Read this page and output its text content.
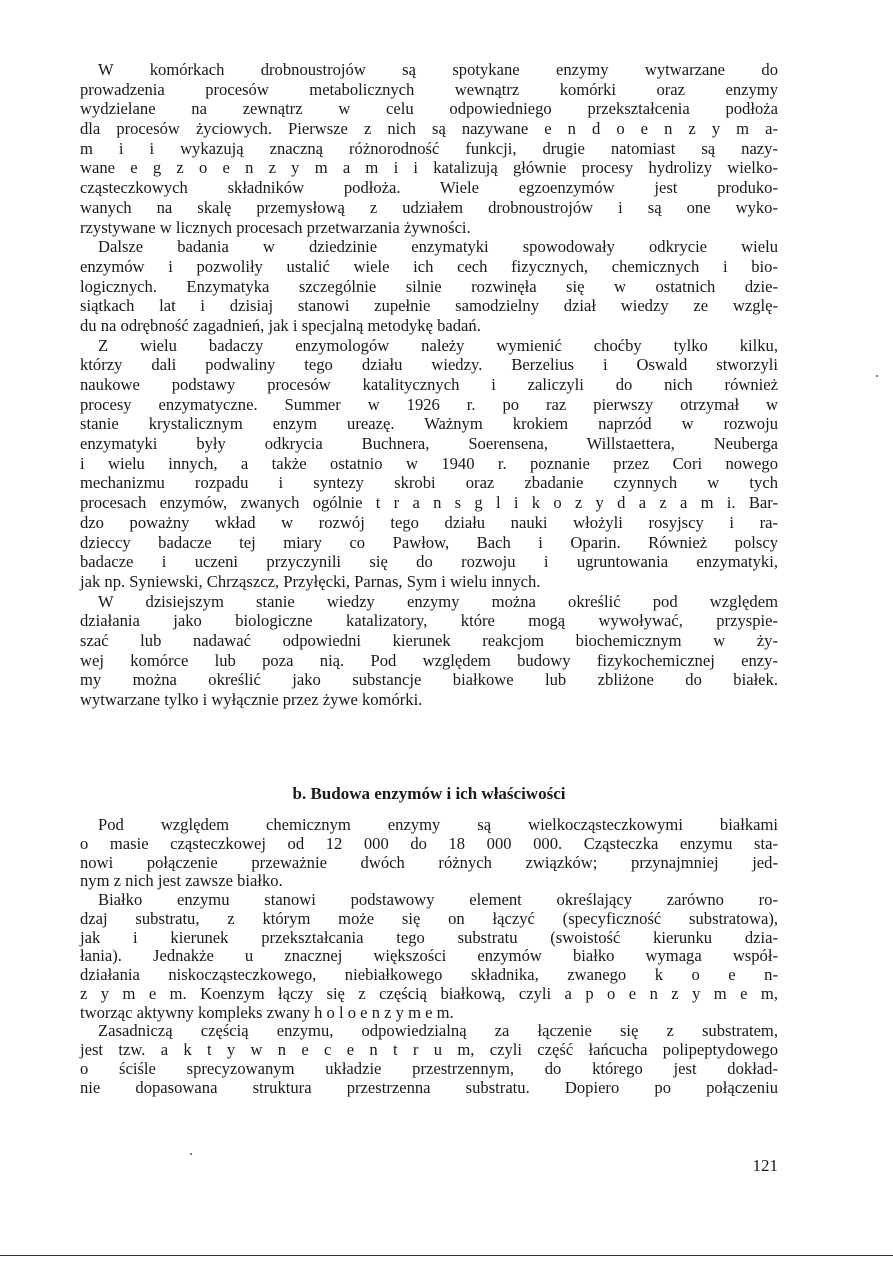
W komórkach drobnoustrojów są spotykane enzymy wytwarzane do
prowadzenia procesów metabolicznych wewnątrz komórki oraz enzymy
wydzielane na zewnątrz w celu odpowiedniego przekształcenia podłoża
dla procesów życiowych. Pierwsze z nich są nazywane e n d o e n z y m a-
m i i wykazują znaczną różnorodność funkcji, drugie natomiast są nazy-
wane e g z o e n z y m a m i i katalizują głównie procesy hydrolizy wielko-
cząsteczkowych składników podłoża. Wiele egzoenzymów jest produko-
wanych na skalę przemysłową z udziałem drobnoustrojów i są one wyko-
rzystywane w licznych procesach przetwarzania żywności.
Dalsze badania w dziedzinie enzymatyki spowodowały odkrycie wielu
enzymów i pozwoliły ustalić wiele ich cech fizycznych, chemicznych i bio-
logicznych. Enzymatyka szczególnie silnie rozwinęła się w ostatnich dzie-
siątkach lat i dzisiaj stanowi zupełnie samodzielny dział wiedzy ze wzglę-
du na odrębność zagadnień, jak i specjalną metodykę badań.
Z wielu badaczy enzymologów należy wymienić choćby tylko kilku,
którzy dali podwaliny tego działu wiedzy. Berzelius i Oswald stworzyli
naukowe podstawy procesów katalitycznych i zaliczyli do nich również
procesy enzymatyczne. Summer w 1926 r. po raz pierwszy otrzymał w
stanie krystalicznym enzym ureazę. Ważnym krokiem naprzód w rozwoju
enzymatyki były odkrycia Buchnera, Soerensena, Willstaettera, Neuberga
i wielu innych, a także ostatnio w 1940 r. poznanie przez Cori nowego
mechanizmu rozpadu i syntezy skrobi oraz zbadanie czynnych w tych
procesach enzymów, zwanych ogólnie t r a n s g l i k o z y d a z a m i. Bar-
dzo poważny wkład w rozwój tego działu nauki włożyli rosyjscy i ra-
dzieccy badacze tej miary co Pawłow, Bach i Oparin. Również polscy
badacze i uczeni przyczynili się do rozwoju i ugruntowania enzymatyki,
jak np. Syniewski, Chrząszcz, Przyłęcki, Parnas, Sym i wielu innych.
W dzisiejszym stanie wiedzy enzymy można określić pod względem
działania jako biologiczne katalizatory, które mogą wywoływać, przyspie-
szać lub nadawać odpowiedni kierunek reakcjom biochemicznym w ży-
wej komórce lub poza nią. Pod względem budowy fizykochemicznej enzy-
my można określić jako substancje białkowe lub zbliżone do białek.
wytwarzane tylko i wyłącznie przez żywe komórki.
b. Budowa enzymów i ich właściwości
Pod względem chemicznym enzymy są wielkocząsteczkowymi białkami
o masie cząsteczkowej od 12 000 do 18 000 000. Cząsteczka enzymu sta-
nowi połączenie przeważnie dwóch różnych związków; przynajmniej jed-
nym z nich jest zawsze białko.
Białko enzymu stanowi podstawowy element określający zarówno ro-
dzaj substratu, z którym może się on łączyć (specyficzność substratowa),
jak i kierunek przekształcania tego substratu (swoistość kierunku dzia-
łania). Jednakże u znacznej większości enzymów białko wymaga współ-
działania niskocząsteczkowego, niebiałkowego składnika, zwanego k o e n-
z y m e m. Koenzym łączy się z częścią białkową, czyli a p o e n z y m e m,
tworząc aktywny kompleks zwany h o l o e n z y m e m.
Zasadniczą częścią enzymu, odpowiedzialną za łączenie się z substratem,
jest tzw. a k t y w n e c e n t r u m, czyli część łańcucha polipeptydowego
o ściśle sprecyzowanym układzie przestrzennym, do którego jest dokład-
nie dopasowana struktura przestrzenna substratu. Dopiero po połączeniu
121
